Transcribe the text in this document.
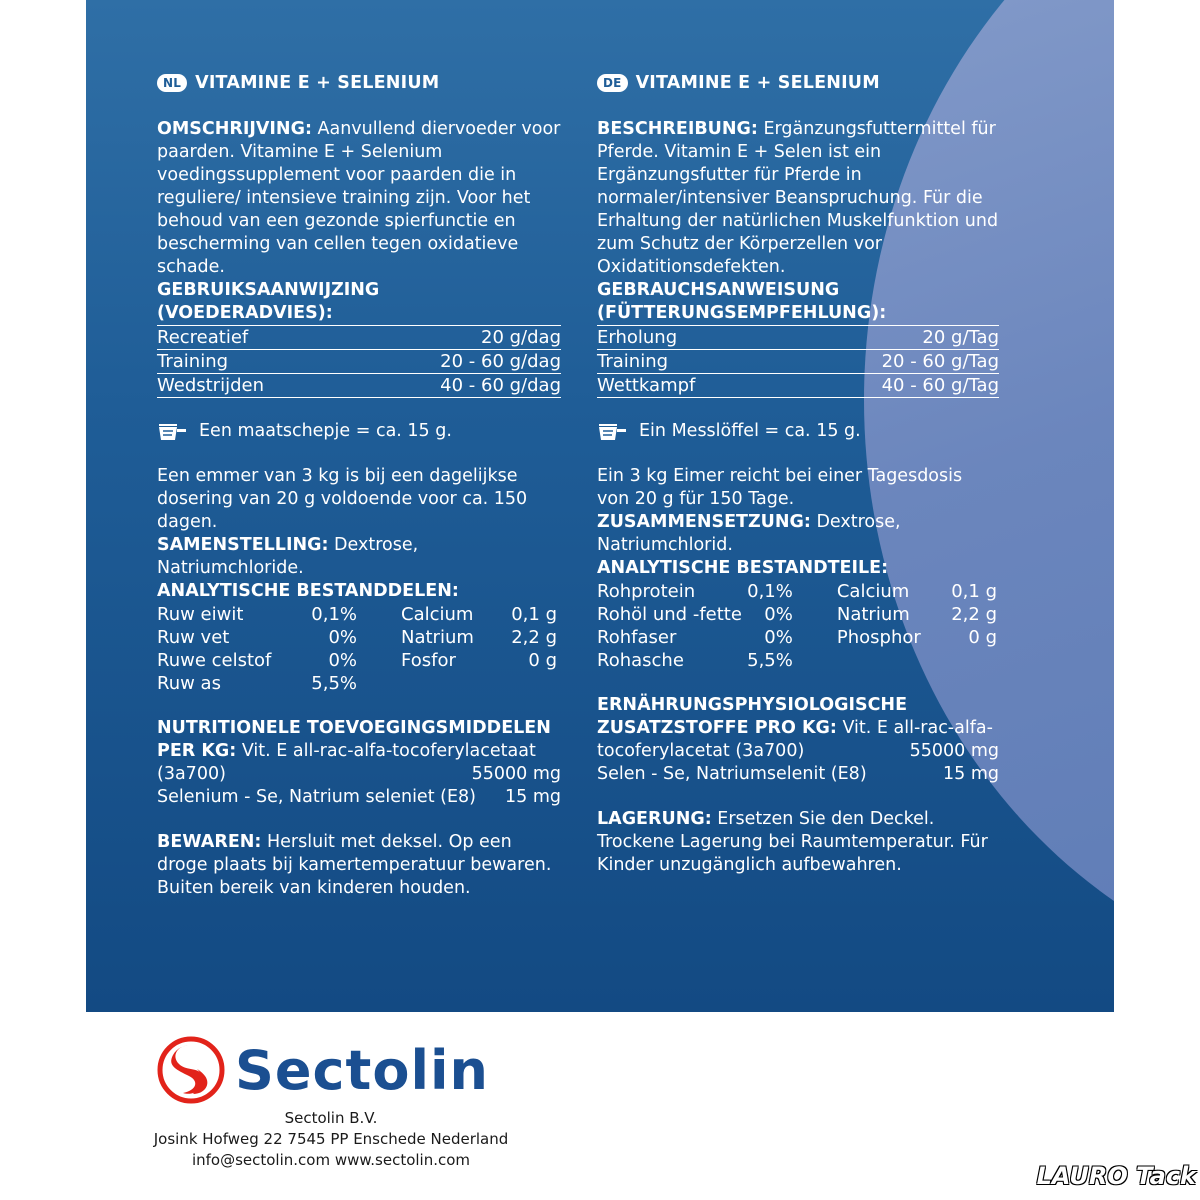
NL VITAMINE E + SELENIUM

OMSCHRIJVING: Aanvullend diervoeder voor paarden. Vitamine E + Selenium voedingssupplement voor paarden die in reguliere/ intensieve training zijn. Voor het behoud van een gezonde spierfunctie en bescherming van cellen tegen oxidatieve schade.

GEBRUIKSAANWIJZING (VOEDERADVIES):
Recreatief	20 g/dag
Training	20 - 60 g/dag
Wedstrijden	40 - 60 g/dag
Een maatschepje = ca. 15 g.

Een emmer van 3 kg is bij een dagelijkse dosering van 20 g voldoende voor ca. 150 dagen.

SAMENSTELLING: Dextrose, Natriumchloride.

ANALYTISCHE BESTANDDELEN:
Ruw eiwit	0,1%	Calcium	0,1 g
Ruw vet	0%	Natrium	2,2 g
Ruwe celstof	0%	Fosfor	0 g
Ruw as	5,5%		
NUTRITIONELE TOEVOEGINGSMIDDELEN
PER KG: Vit. E all-rac-alfa-tocoferylacetaat
(3a700)	55000 mg
Selenium - Se, Natrium seleniet (E8) 15 mg

BEWAREN: Hersluit met deksel. Op een droge plaats bij kamertemperatuur bewaren. Buiten bereik van kinderen houden.

DE VITAMINE E + SELENIUM

BESCHREIBUNG: Ergänzungsfuttermittel für Pferde. Vitamin E + Selen ist ein Ergänzungsfutter für Pferde in normaler/intensiver Beanspruchung. Für die Erhaltung der natürlichen Muskelfunktion und zum Schutz der Körperzellen vor Oxidatitionsdefekten.

GEBRAUCHSANWEISUNG (FÜTTERUNGSEMPFEHLUNG):
Erholung	20 g/Tag
Training	20 - 60 g/Tag
Wettkampf	40 - 60 g/Tag
Ein Messlöffel = ca. 15 g.

Ein 3 kg Eimer reicht bei einer Tagesdosis von 20 g für 150 Tage.

ZUSAMMENSETZUNG: Dextrose, Natriumchlorid.

ANALYTISCHE BESTANDTEILE:
Rohprotein	0,1%	Calcium	0,1 g
Rohöl und -fette	0%	Natrium	2,2 g
Rohfaser	0%	Phosphor	0 g
Rohasche	5,5%		
ERNÄHRUNGSPHYSIOLOGISCHE
ZUSATZSTOFFE PRO KG: Vit. E all-rac-alfa-
tocoferylacetat (3a700)	55000 mg
Selen - Se, Natriumselenit (E8)	15 mg

LAGERUNG: Ersetzen Sie den Deckel. Trockene Lagerung bei Raumtemperatur. Für Kinder unzugänglich aufbewahren.

Sectolin
Sectolin B.V.
Josink Hofweg 22 7545 PP Enschede Nederland
info@sectolin.com www.sectolin.com
LAURO Tack
